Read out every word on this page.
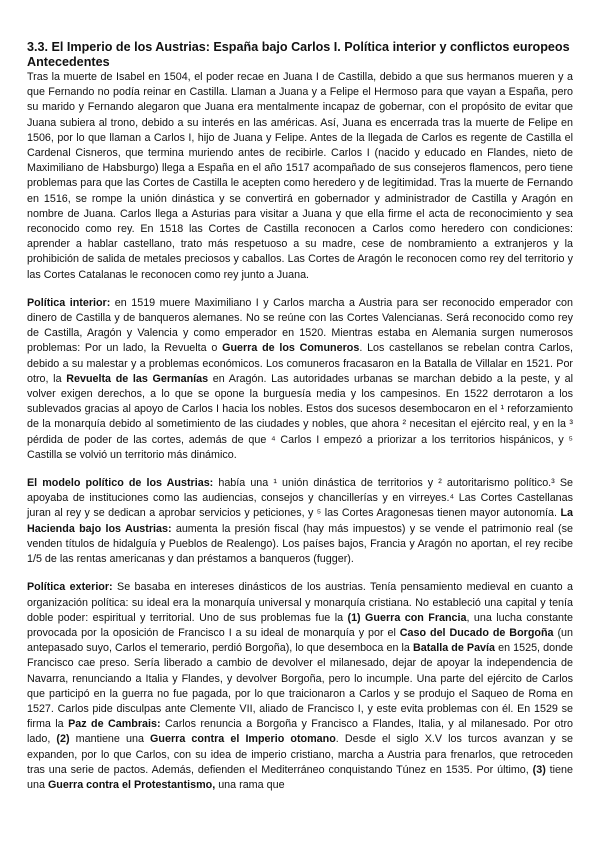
3.3. El Imperio de los Austrias: España bajo Carlos I. Política interior y conflictos europeos
Antecedentes

Tras la muerte de Isabel en 1504, el poder recae en Juana I de Castilla, debido a que sus hermanos mueren y a que Fernando no podía reinar en Castilla. Llaman a Juana y a Felipe el Hermoso para que vayan a España, pero su marido y Fernando alegaron que Juana era mentalmente incapaz de gobernar, con el propósito de evitar que Juana subiera al trono, debido a su interés en las américas. Así, Juana es encerrada tras la muerte de Felipe en 1506, por lo que llaman a Carlos I, hijo de Juana y Felipe. Antes de la llegada de Carlos es regente de Castilla el Cardenal Cisneros, que termina muriendo antes de recibirle. Carlos I (nacido y educado en Flandes, nieto de Maximiliano de Habsburgo) llega a España en el año 1517 acompañado de sus consejeros flamencos, pero tiene problemas para que las Cortes de Castilla le acepten como heredero y de legitimidad. Tras la muerte de Fernando en 1516, se rompe la unión dinástica y se convertirá en gobernador y administrador de Castilla y Aragón en nombre de Juana. Carlos llega a Asturias para visitar a Juana y que ella firme el acta de reconocimiento y sea reconocido como rey. En 1518 las Cortes de Castilla reconocen a Carlos como heredero con condiciones: aprender a hablar castellano, trato más respetuoso a su madre, cese de nombramiento a extranjeros y la prohibición de salida de metales preciosos y caballos. Las Cortes de Aragón le reconocen como rey del territorio y las Cortes Catalanas le reconocen como rey junto a Juana.

Política interior: en 1519 muere Maximiliano I y Carlos marcha a Austria para ser reconocido emperador con dinero de Castilla y de banqueros alemanes. No se reúne con las Cortes Valencianas. Será reconocido como rey de Castilla, Aragón y Valencia y como emperador en 1520. Mientras estaba en Alemania surgen numerosos problemas: Por un lado, la Revuelta o Guerra de los Comuneros. Los castellanos se rebelan contra Carlos, debido a su malestar y a problemas económicos. Los comuneros fracasaron en la Batalla de Villalar en 1521. Por otro, la Revuelta de las Germanías en Aragón. Las autoridades urbanas se marchan debido a la peste, y al volver exigen derechos, a lo que se opone la burguesía media y los campesinos. En 1522 derrotaron a los sublevados gracias al apoyo de Carlos I hacia los nobles. Estos dos sucesos desembocaron en el ¹ reforzamiento de la monarquía debido al sometimiento de las ciudades y nobles, que ahora ² necesitan el ejército real, y en la ³ pérdida de poder de las cortes, además de que ⁴ Carlos I empezó a priorizar a los territorios hispánicos, y ⁵ Castilla se volvió un territorio más dinámico.

El modelo político de los Austrias: había una ¹ unión dinástica de territorios y ² autoritarismo político.³ Se apoyaba de instituciones como las audiencias, consejos y chancillerías y en virreyes.⁴ Las Cortes Castellanas juran al rey y se dedican a aprobar servicios y peticiones, y ⁵ las Cortes Aragonesas tienen mayor autonomía. La Hacienda bajo los Austrias: aumenta la presión fiscal (hay más impuestos) y se vende el patrimonio real (se venden títulos de hidalguía y Pueblos de Realengo). Los países bajos, Francia y Aragón no aportan, el rey recibe 1/5 de las rentas americanas y dan préstamos a banqueros (fugger).

Política exterior: Se basaba en intereses dinásticos de los austrias. Tenía pensamiento medieval en cuanto a organización política: su ideal era la monarquía universal y monarquía cristiana. No estableció una capital y tenía doble poder: espiritual y territorial. Uno de sus problemas fue la (1) Guerra con Francia, una lucha constante provocada por la oposición de Francisco I a su ideal de monarquía y por el Caso del Ducado de Borgoña (un antepasado suyo, Carlos el temerario, perdió Borgoña), lo que desemboca en la Batalla de Pavía en 1525, donde Francisco cae preso. Sería liberado a cambio de devolver el milanesado, dejar de apoyar la independencia de Navarra, renunciando a Italia y Flandes, y devolver Borgoña, pero lo incumple. Una parte del ejército de Carlos que participó en la guerra no fue pagada, por lo que traicionaron a Carlos y se produjo el Saqueo de Roma en 1527. Carlos pide disculpas ante Clemente VII, aliado de Francisco I, y este evita problemas con él. En 1529 se firma la Paz de Cambrais: Carlos renuncia a Borgoña y Francisco a Flandes, Italia, y al milanesado. Por otro lado, (2) mantiene una Guerra contra el Imperio otomano. Desde el siglo X.V los turcos avanzan y se expanden, por lo que Carlos, con su idea de imperio cristiano, marcha a Austria para frenarlos, que retroceden tras una serie de pactos. Además, defienden el Mediterráneo conquistando Túnez en 1535. Por último, (3) tiene una Guerra contra el Protestantismo, una rama que
